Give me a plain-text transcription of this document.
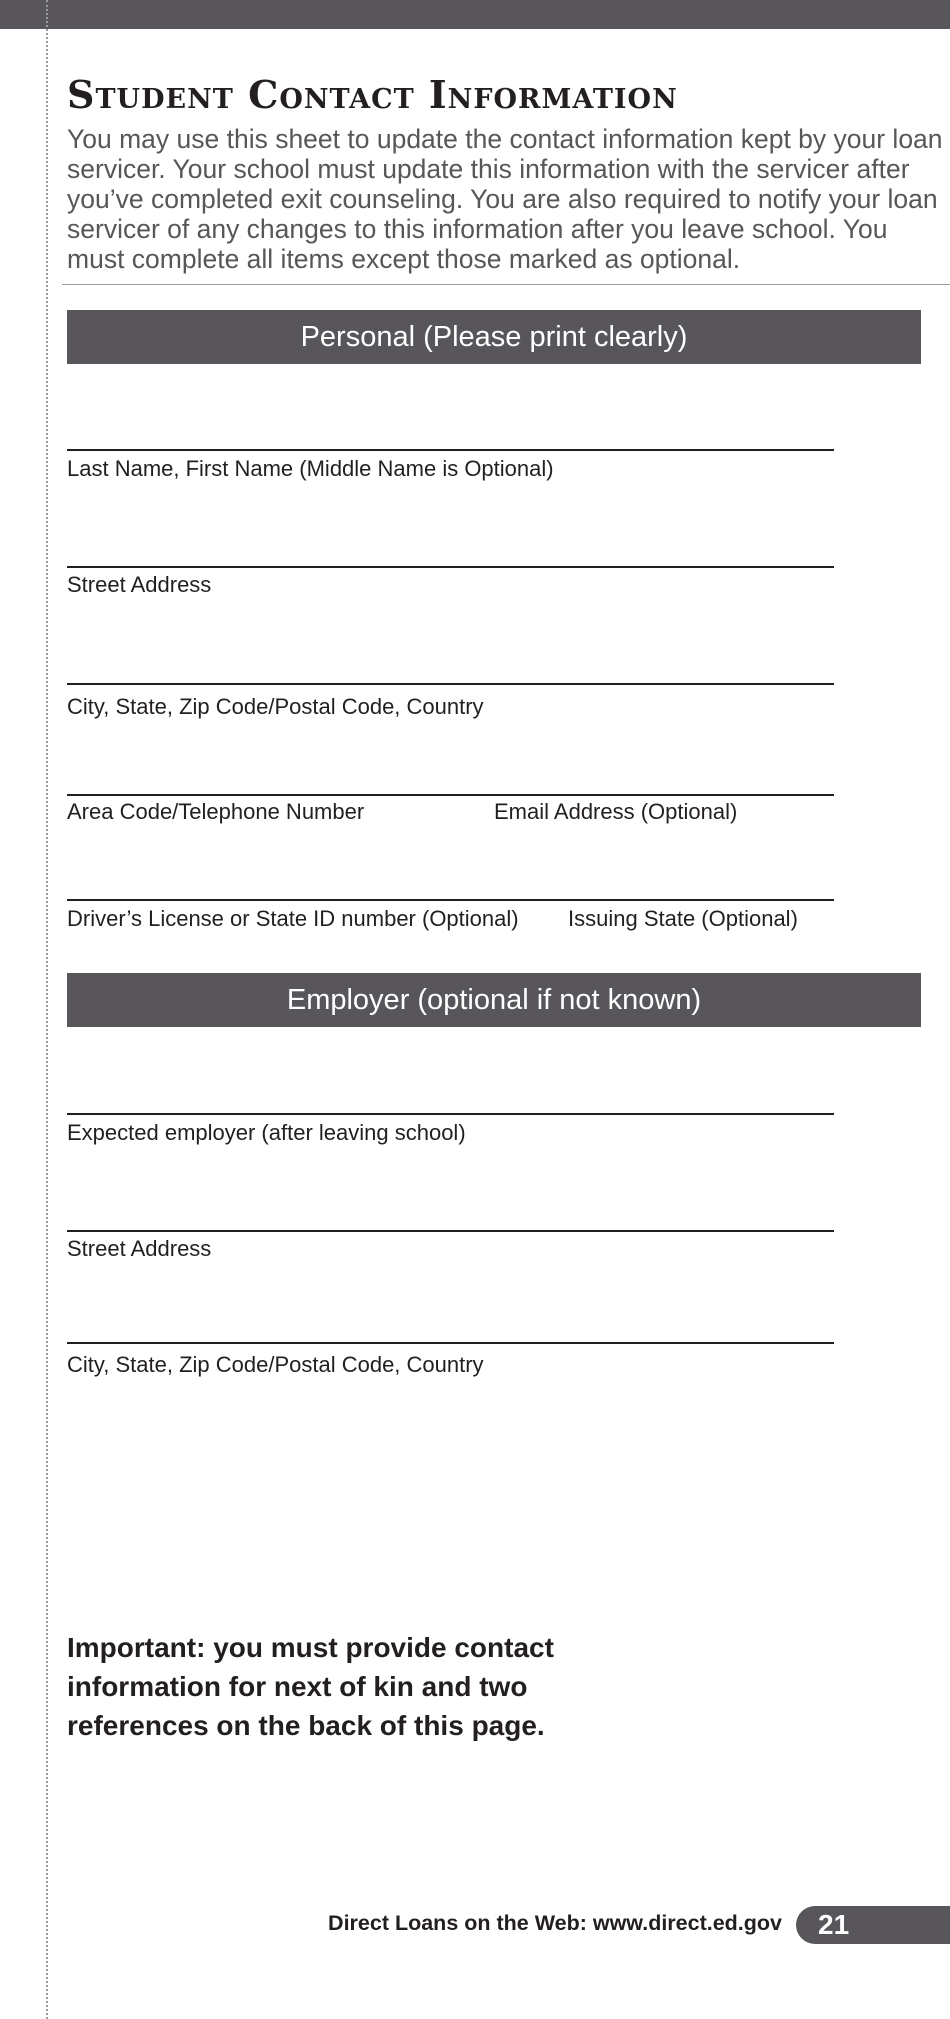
Student Contact Information

You may use this sheet to update the contact information kept by your loan servicer. Your school must update this information with the servicer after you’ve completed exit counseling. You are also required to notify your loan servicer of any changes to this information after you leave school. You must complete all items except those marked as optional.

Personal (Please print clearly)
Last Name, First Name (Middle Name is Optional)
Street Address
City, State, Zip Code/Postal Code, Country
Area Code/Telephone Number	Email Address (Optional)
Driver’s License or State ID number (Optional) Issuing State (Optional)
Employer (optional if not known)
Expected employer (after leaving school)
Street Address
City, State, Zip Code/Postal Code, Country

Important: you must provide contact information for next of kin and two references on the back of this page.

Direct Loans on the Web: www.direct.ed.gov	21
